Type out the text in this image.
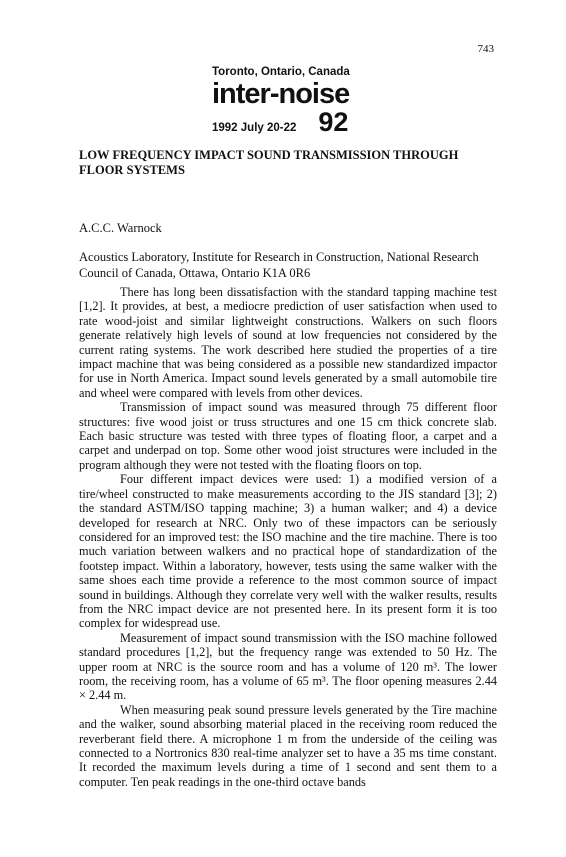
743
Toronto, Ontario, Canada
inter-noise
1992 July 20-22 92
LOW FREQUENCY IMPACT SOUND TRANSMISSION THROUGH FLOOR SYSTEMS
A.C.C. Warnock
Acoustics Laboratory, Institute for Research in Construction, National Research Council of Canada, Ottawa, Ontario K1A 0R6

There has long been dissatisfaction with the standard tapping machine test [1,2]. It provides, at best, a mediocre prediction of user satisfaction when used to rate wood-joist and similar lightweight constructions. Walkers on such floors generate relatively high levels of sound at low frequencies not considered by the current rating systems. The work described here studied the properties of a tire impact machine that was being considered as a possible new standardized impactor for use in North America. Impact sound levels generated by a small automobile tire and wheel were compared with levels from other devices.

Transmission of impact sound was measured through 75 different floor structures: five wood joist or truss structures and one 15 cm thick concrete slab. Each basic structure was tested with three types of floating floor, a carpet and a carpet and underpad on top. Some other wood joist structures were included in the program although they were not tested with the floating floors on top.

Four different impact devices were used: 1) a modified version of a tire/wheel constructed to make measurements according to the JIS standard [3]; 2) the standard ASTM/ISO tapping machine; 3) a human walker; and 4) a device developed for research at NRC. Only two of these impactors can be seriously considered for an improved test: the ISO machine and the tire machine. There is too much variation between walkers and no practical hope of standardization of the footstep impact. Within a laboratory, however, tests using the same walker with the same shoes each time provide a reference to the most common source of impact sound in buildings. Although they correlate very well with the walker results, results from the NRC impact device are not presented here. In its present form it is too complex for widespread use.

Measurement of impact sound transmission with the ISO machine followed standard procedures [1,2], but the frequency range was extended to 50 Hz. The upper room at NRC is the source room and has a volume of 120 m³. The lower room, the receiving room, has a volume of 65 m³. The floor opening measures 2.44 × 2.44 m.

When measuring peak sound pressure levels generated by the Tire machine and the walker, sound absorbing material placed in the receiving room reduced the reverberant field there. A microphone 1 m from the underside of the ceiling was connected to a Nortronics 830 real-time analyzer set to have a 35 ms time constant. It recorded the maximum levels during a time of 1 second and sent them to a computer. Ten peak readings in the one-third octave bands
